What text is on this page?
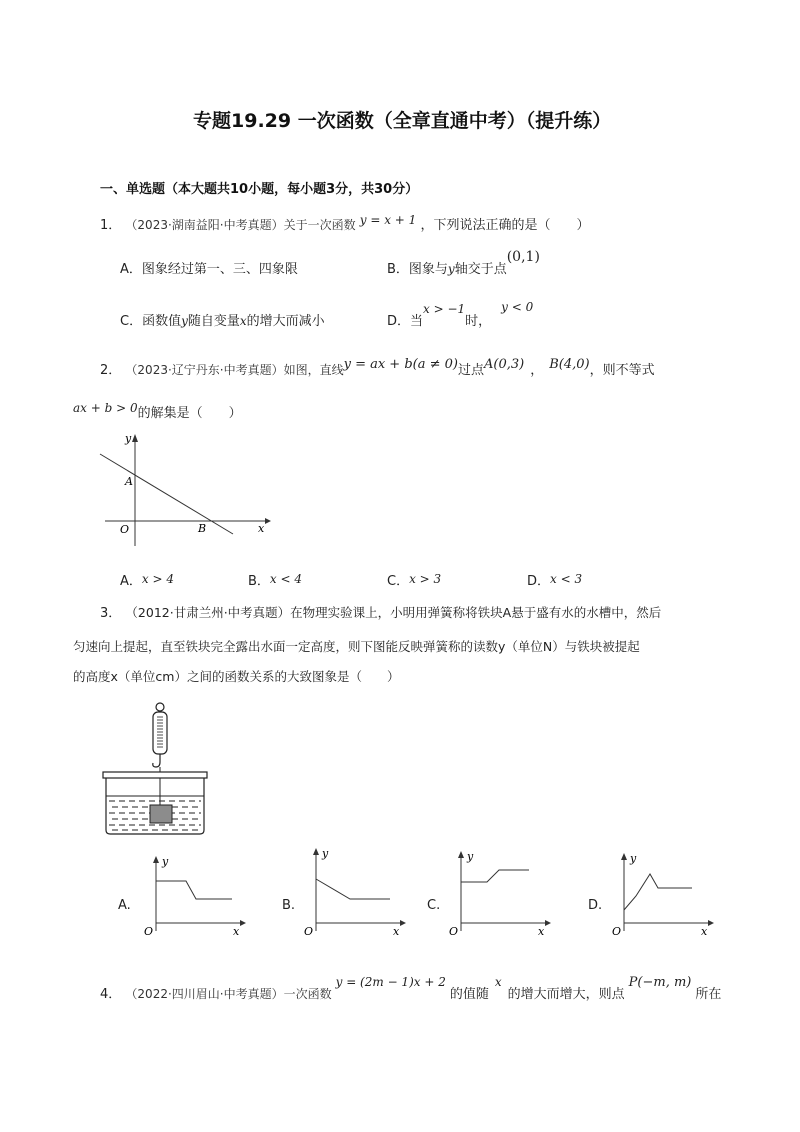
专题19.29 一次函数（全章直通中考）（提升练）
一、单选题（本大题共10小题，每小题3分，共30分）
1． （2023·湖南益阳·中考真题）关于一次函数 y = x + 1 ，下列说法正确的是（　　）
A．图象经过第一、三、四象限	B．图象与y轴交于点(0,1)
C．函数值y随自变量x的增大而减小	D．当x > −1时，y < 0
2． （2023·辽宁丹东·中考真题）如图，直线y = ax + b(a ≠ 0)过点A(0,3) ， B(4,0)，则不等式
ax + b > 0的解集是（　　）
y
x
O
A
B
A．x > 4	B．x < 4	C．x > 3	D．x < 3
3． （2012·甘肃兰州·中考真题）在物理实验课上，小明用弹簧称将铁块A悬于盛有水的水槽中，然后
匀速向上提起，直至铁块完全露出水面一定高度，则下图能反映弹簧称的读数y（单位N）与铁块被提起
的高度x（单位cm）之间的函数关系的大致图象是（　　）
A.
y
x
O
B.
y
x
O
C.
y
x
O
D.
y
x
O
4． （2022·四川眉山·中考真题）一次函数y = (2m − 1)x + 2的值随x的增大而增大，则点P(−m, m)所在
